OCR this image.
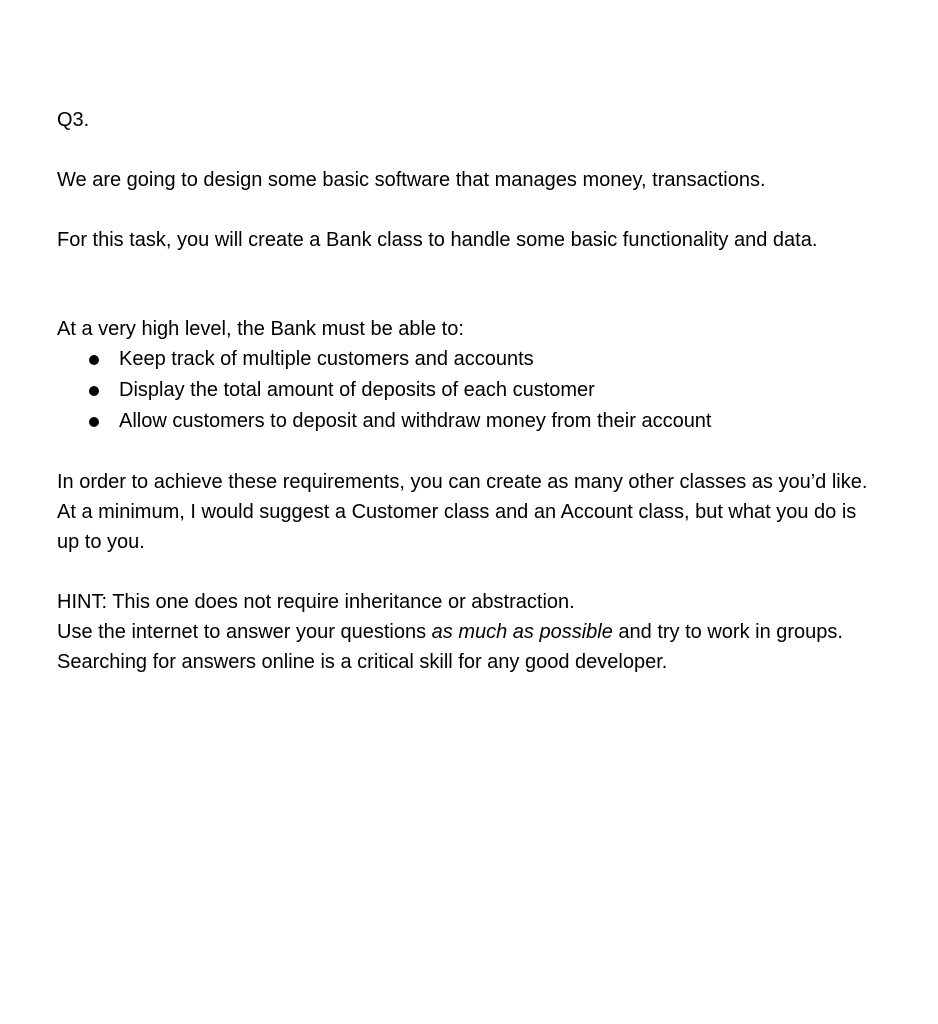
Q3.

We are going to design some basic software that manages money, transactions.

For this task, you will create a Bank class to handle some basic functionality and data.

At a very high level, the Bank must be able to:

Keep track of multiple customers and accounts
Display the total amount of deposits of each customer
Allow customers to deposit and withdraw money from their account

In order to achieve these requirements, you can create as many other classes as you’d like. At a minimum, I would suggest a Customer class and an Account class, but what you do is up to you.

HINT: This one does not require inheritance or abstraction.

Use the internet to answer your questions as much as possible and try to work in groups. Searching for answers online is a critical skill for any good developer.
